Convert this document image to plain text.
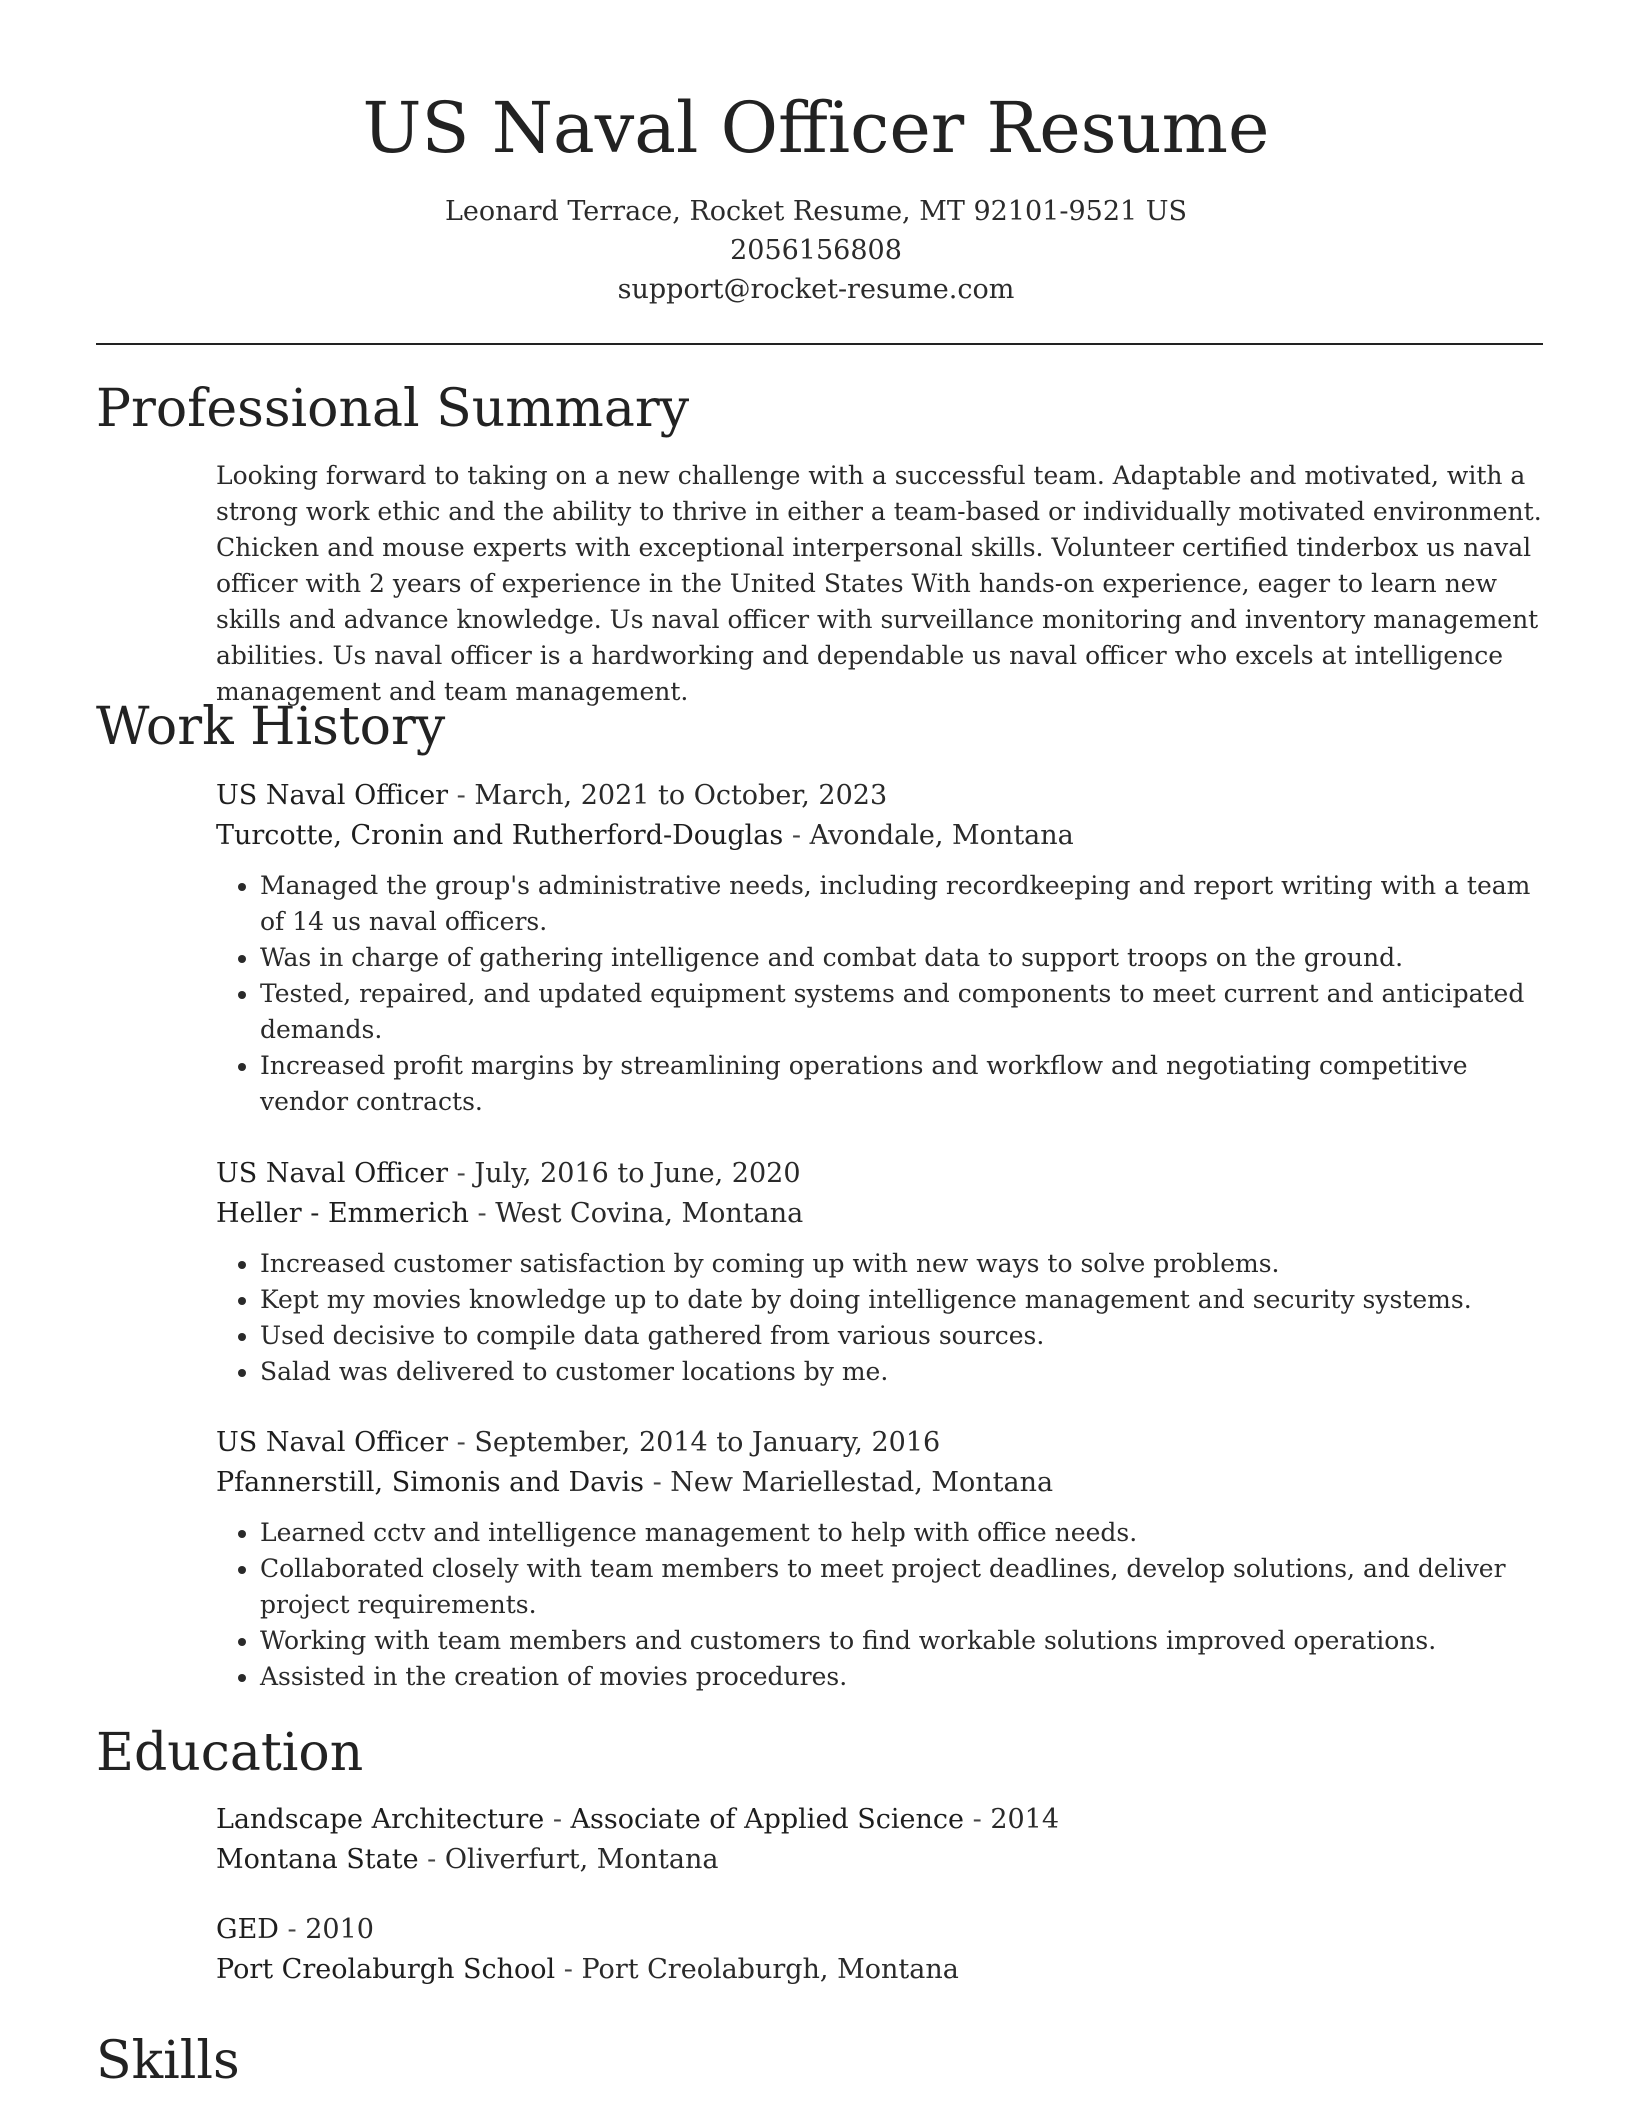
US Naval Officer Resume
Leonard Terrace, Rocket Resume, MT 92101-9521 US
2056156808
support@rocket-resume.com
Professional Summary

Looking forward to taking on a new challenge with a successful team. Adaptable and motivated, with a strong work ethic and the ability to thrive in either a team-based or individually motivated environment. Chicken and mouse experts with exceptional interpersonal skills. Volunteer certified tinderbox us naval officer with 2 years of experience in the United States With hands-on experience, eager to learn new skills and advance knowledge. Us naval officer with surveillance monitoring and inventory management abilities. Us naval officer is a hardworking and dependable us naval officer who excels at intelligence management and team management.

Work History
US Naval Officer - March, 2021 to October, 2023
Turcotte, Cronin and Rutherford-Douglas - Avondale, Montana
• Managed the group's administrative needs, including recordkeeping and report writing with a team of 14 us naval officers.
• Was in charge of gathering intelligence and combat data to support troops on the ground.
• Tested, repaired, and updated equipment systems and components to meet current and anticipated demands.
• Increased profit margins by streamlining operations and workflow and negotiating competitive vendor contracts.
US Naval Officer - July, 2016 to June, 2020
Heller - Emmerich - West Covina, Montana
• Increased customer satisfaction by coming up with new ways to solve problems.
• Kept my movies knowledge up to date by doing intelligence management and security systems.
• Used decisive to compile data gathered from various sources.
• Salad was delivered to customer locations by me.
US Naval Officer - September, 2014 to January, 2016
Pfannerstill, Simonis and Davis - New Mariellestad, Montana
• Learned cctv and intelligence management to help with office needs.
• Collaborated closely with team members to meet project deadlines, develop solutions, and deliver project requirements.
• Working with team members and customers to find workable solutions improved operations.
• Assisted in the creation of movies procedures.
Education
Landscape Architecture - Associate of Applied Science - 2014
Montana State - Oliverfurt, Montana
GED - 2010
Port Creolaburgh School - Port Creolaburgh, Montana
Skills
